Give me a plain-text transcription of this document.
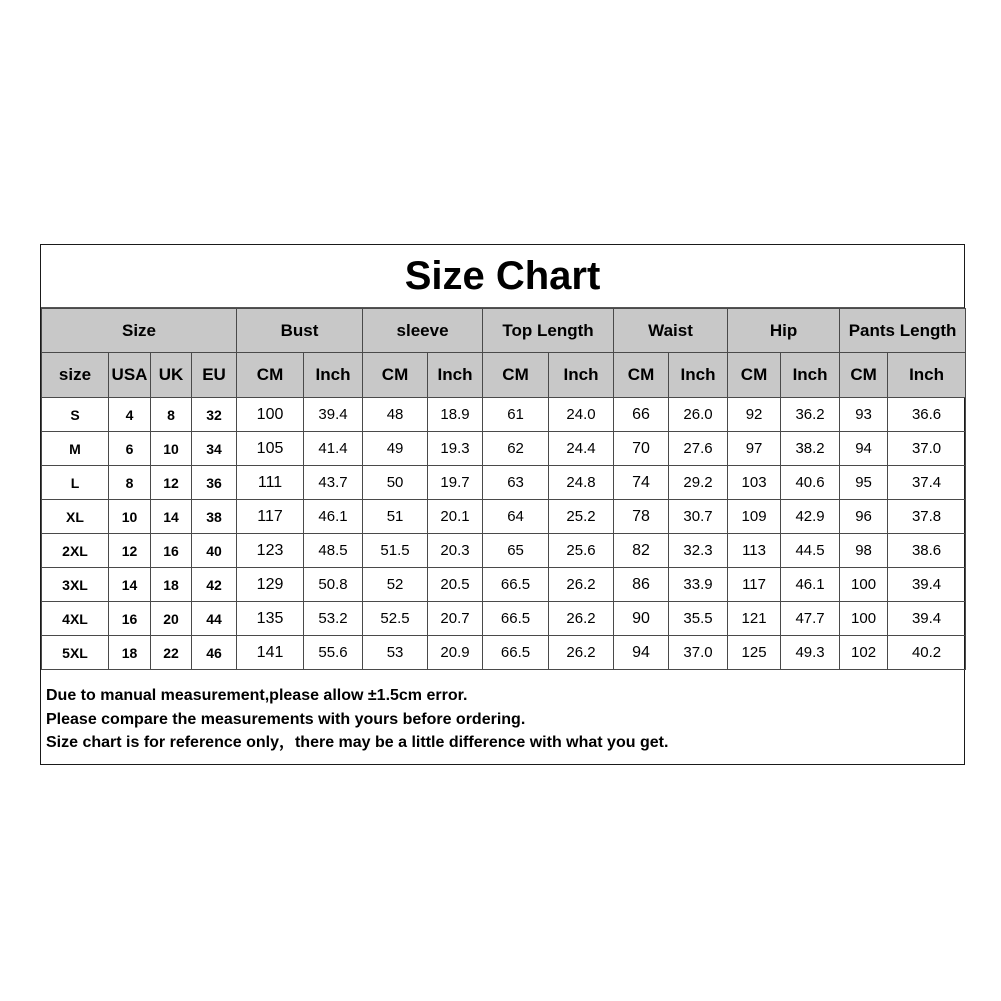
Size Chart
Size				Bust		sleeve		Top Length		Waist		Hip		Pants Length	
size	USA	UK	EU	CM	Inch	CM	Inch	CM	Inch	CM	Inch	CM	Inch	CM	Inch
S	4	8	32	100	39.4	48	18.9	61	24.0	66	26.0	92	36.2	93	36.6
M	6	10	34	105	41.4	49	19.3	62	24.4	70	27.6	97	38.2	94	37.0
L	8	12	36	111	43.7	50	19.7	63	24.8	74	29.2	103	40.6	95	37.4
XL	10	14	38	117	46.1	51	20.1	64	25.2	78	30.7	109	42.9	96	37.8
2XL	12	16	40	123	48.5	51.5	20.3	65	25.6	82	32.3	113	44.5	98	38.6
3XL	14	18	42	129	50.8	52	20.5	66.5	26.2	86	33.9	117	46.1	100	39.4
4XL	16	20	44	135	53.2	52.5	20.7	66.5	26.2	90	35.5	121	47.7	100	39.4
5XL	18	22	46	141	55.6	53	20.9	66.5	26.2	94	37.0	125	49.3	102	40.2
Due to manual measurement,please allow ±1.5cm error.
Please compare the measurements with yours before ordering.
Size chart is for reference only，there may be a little difference with what you get.
